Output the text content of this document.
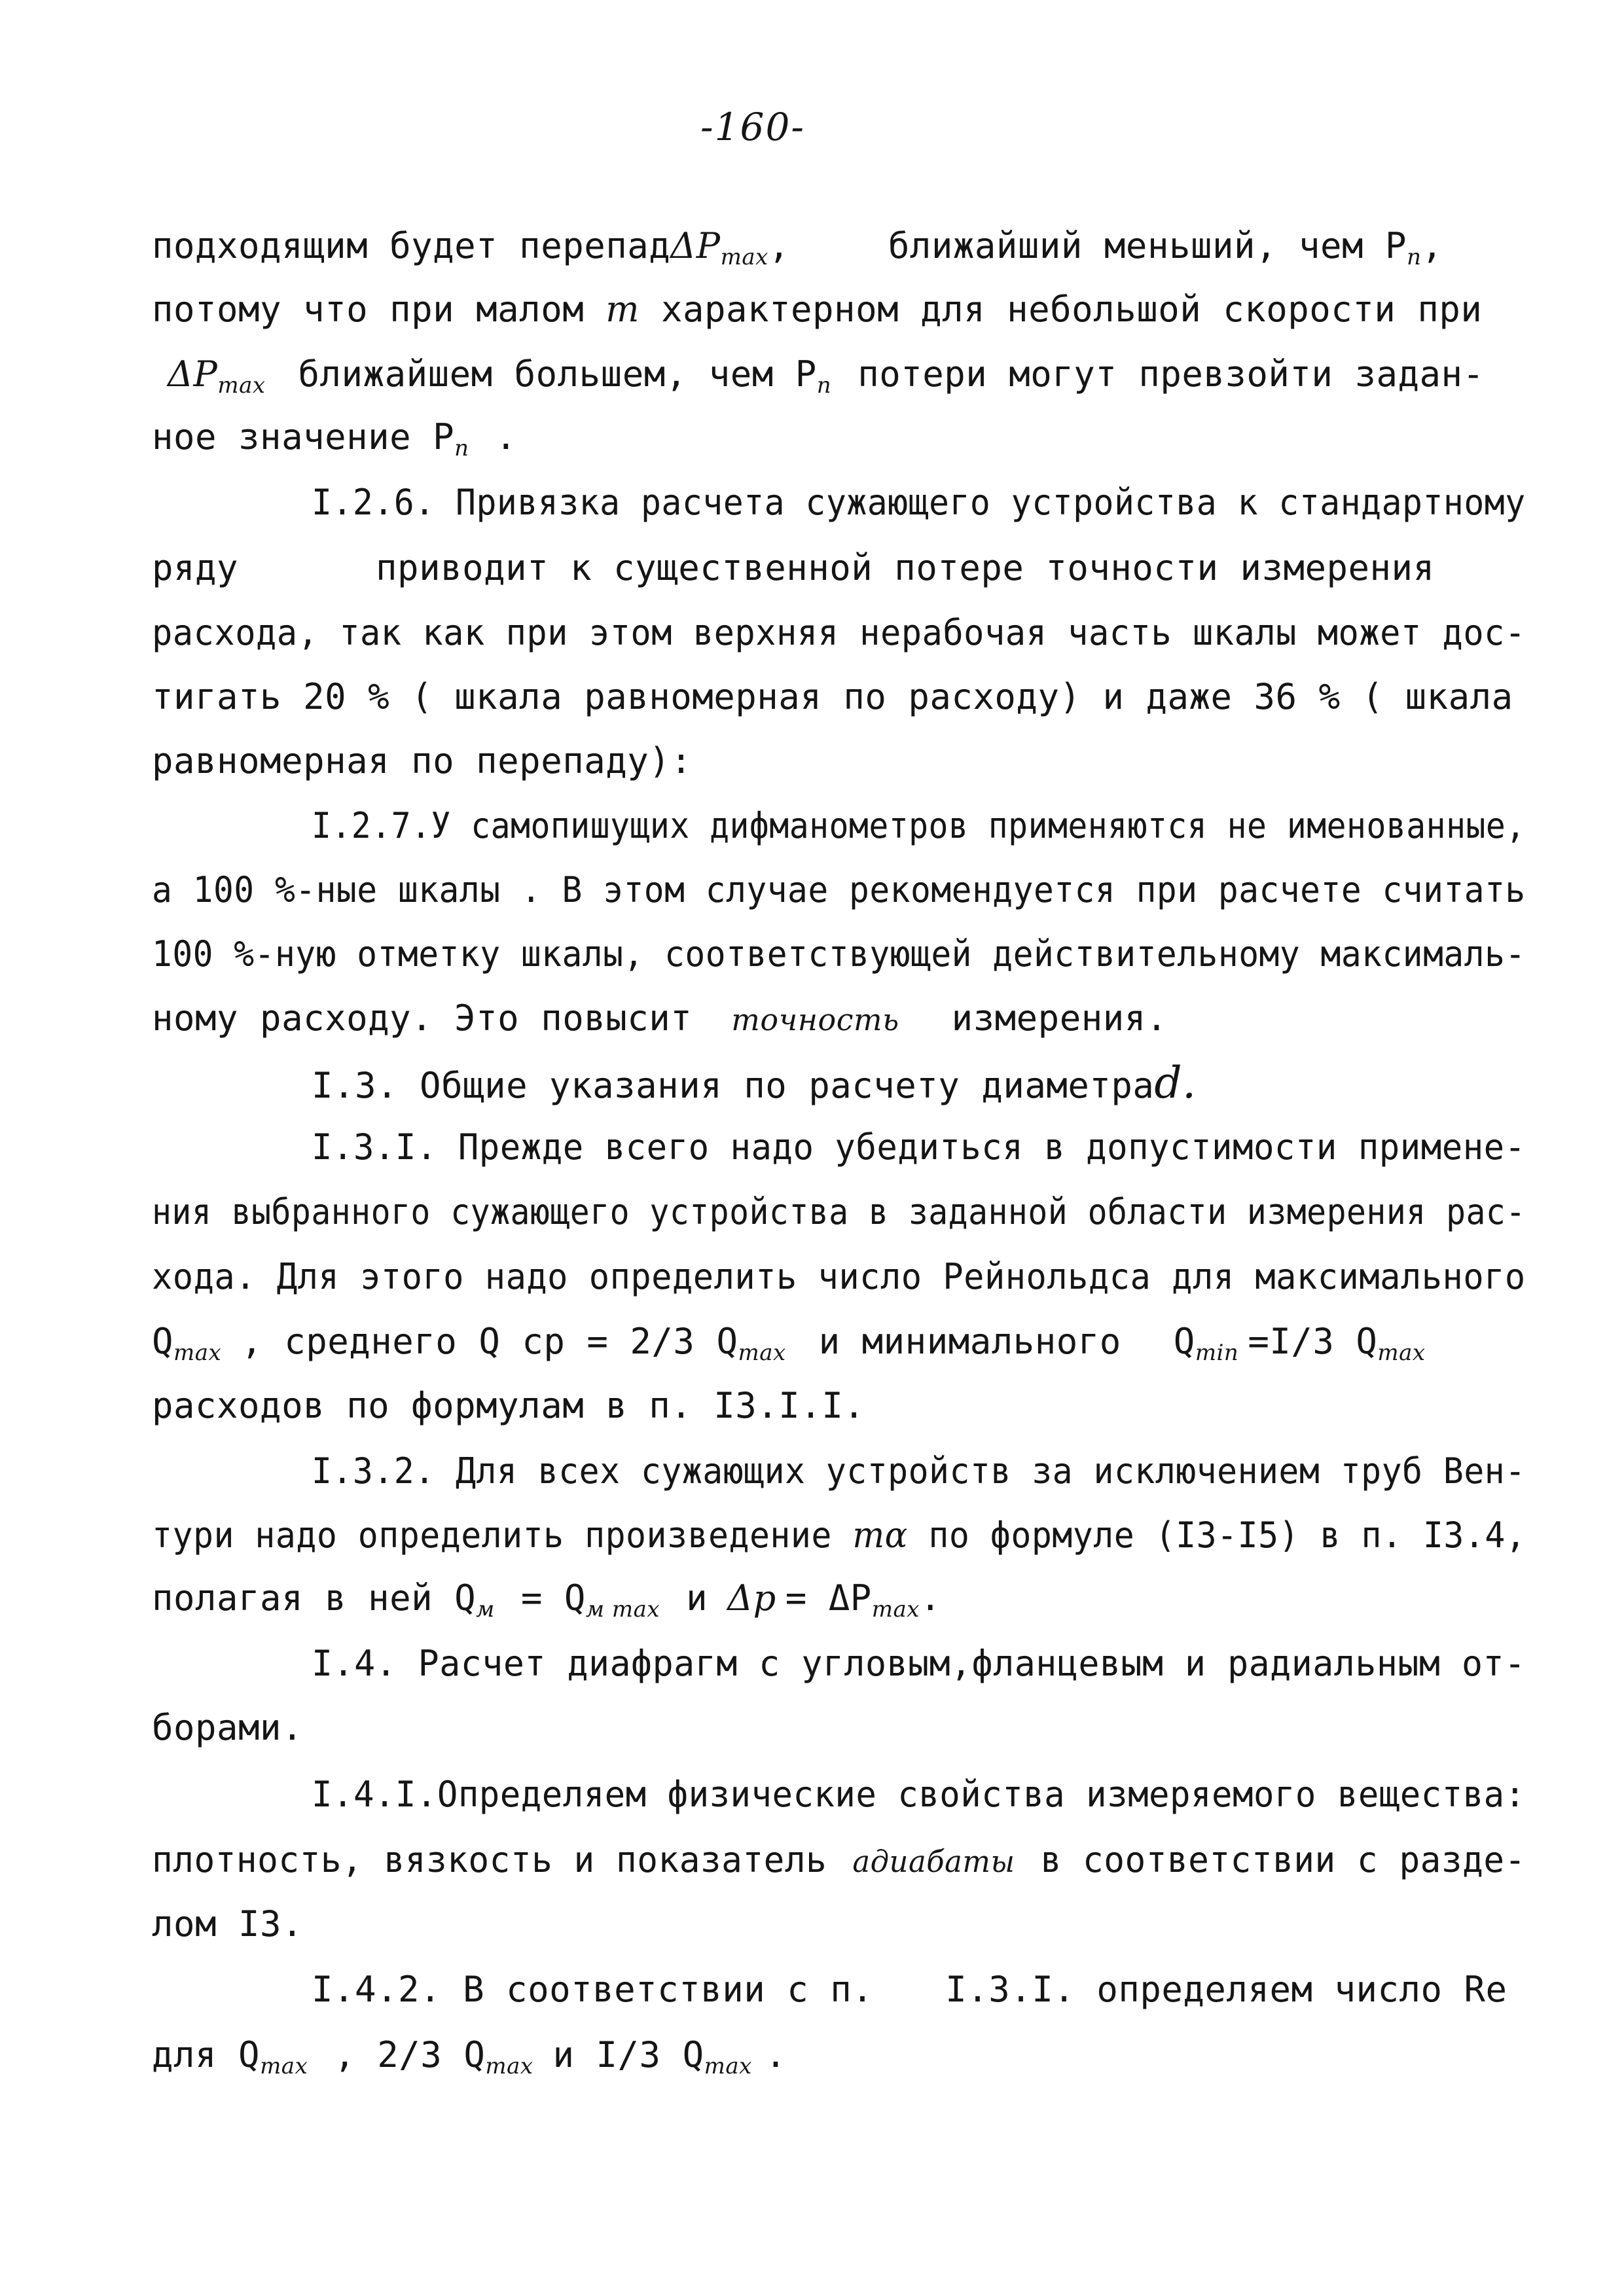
-160-
подходящим будет перепадΔP$_{max}$,	ближайший меньший, чем $P_n$,
потому что при малом m характерном для небольшой скорости при
$\Delta P_{max}$ ближайшем большем, чем $P_n$ потери могут превзойти задан-
ное значение $P_n$ .
I.2.6. Привязка расчета сужающего устройства к стандартному
ряду	приводит к существенной потере точности измерения
расхода, так как при этом верхняя нерабочая часть шкалы может дос-
тигать 20 % ( шкала равномерная по расходу) и даже 36 % ( шкала
равномерная по перепаду):
I.2.7.У самопишущих дифманометров применяются не именованные,
а 100 %-ные шкалы . В этом случае рекомендуется при расчете считать
100 %-ную отметку шкалы, соответствующей действительному максималь-
ному расходу. Это повысит точность измерения.
I.3. Общие указания по расчету диаметраd.
I.3.I. Прежде всего надо убедиться в допустимости примене-
ния выбранного сужающего устройства в заданной области измерения рас-
хода. Для этого надо определить число Рейнольдса для максимального
$Q_{max}$ , среднего Q ср = 2/3 $Q_{max}$ и минимального $Q_{min} =I/3$ $Q_{max}$
расходов по формулам в п. I3.I.I.
I.3.2. Для всех сужающих устройств за исключением труб Вен-
тури надо определить произведение mα по формуле (I3-I5) в п. I3.4,
полагая в ней $Q_м = Q_{м max}$ и $\Delta p = \Delta P_{max}$.
I.4. Расчет диафрагм с угловым,фланцевым и радиальным от-
борами.
I.4.I.Определяем физические свойства измеряемого вещества:
плотность, вязкость и показатель адиабаты в соответствии с разде-
лом I3.
I.4.2. В соответствии с п. I.3.I. определяем число Re
для $Q_{max}$ , 2/3 $Q_{max}$ и I/3 $Q_{max}$ .
